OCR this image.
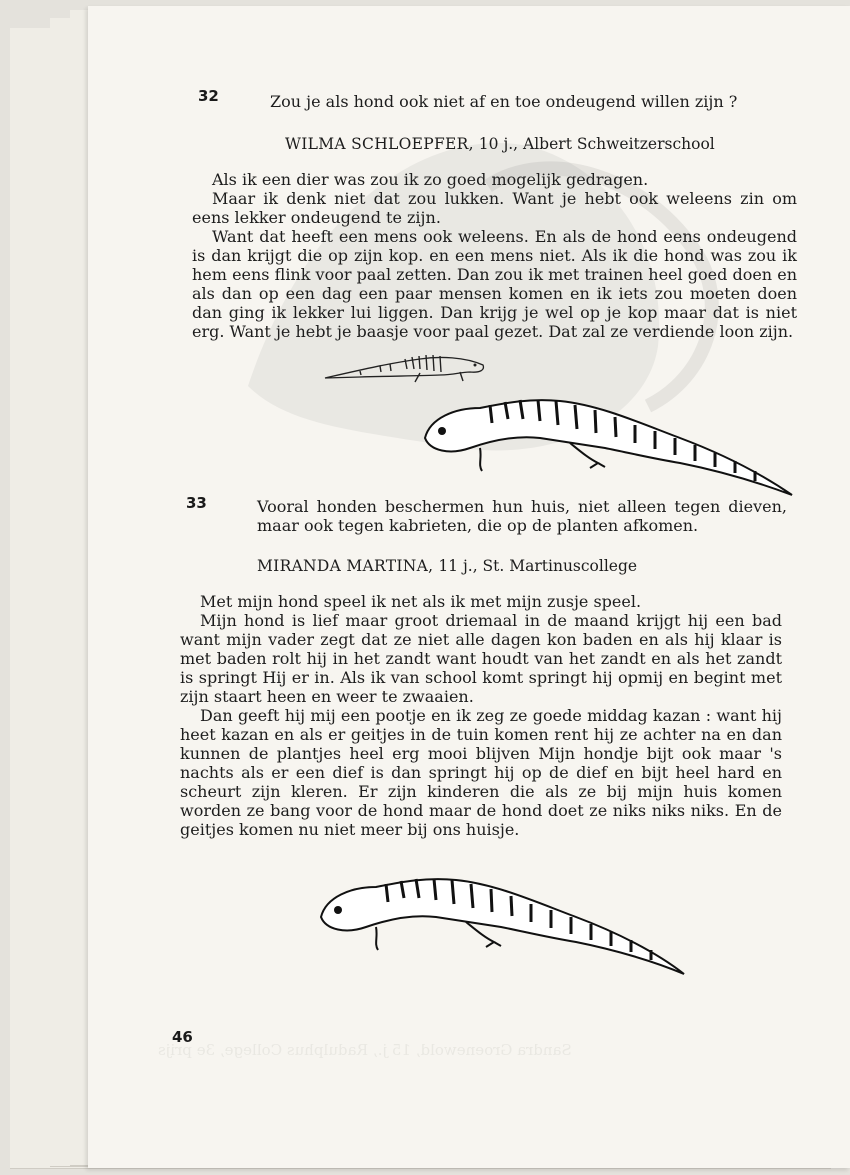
Sandra Groenewold, 15 j., Radulphus College, 3e prijs
32	Zou je als hond ook niet af en toe ondeugend willen zijn ?
WILMA SCHLOEPFER, 10 j., Albert Schweitzerschool

Als ik een dier was zou ik zo goed mogelijk gedragen.

Maar ik denk niet dat zou lukken. Want je hebt ook weleens zin om eens lekker ondeugend te zijn.

Want dat heeft een mens ook weleens. En als de hond eens ondeugend is dan krijgt die op zijn kop. en een mens niet. Als ik die hond was zou ik hem eens flink voor paal zetten. Dan zou ik met trainen heel goed doen en als dan op een dag een paar mensen komen en ik iets zou moeten doen dan ging ik lekker lui liggen. Dan krijg je wel op je kop maar dat is niet erg. Want je hebt je baasje voor paal gezet. Dat zal ze verdiende loon zijn.

33	Vooral honden beschermen hun huis, niet alleen tegen dieven, maar ook tegen kabrieten, die op de planten afkomen.
MIRANDA MARTINA, 11 j., St. Martinuscollege

Met mijn hond speel ik net als ik met mijn zusje speel.

Mijn hond is lief maar groot driemaal in de maand krijgt hij een bad want mijn vader zegt dat ze niet alle dagen kon baden en als hij klaar is met baden rolt hij in het zandt want houdt van het zandt en als het zandt is springt Hij er in. Als ik van school komt springt hij opmij en begint met zijn staart heen en weer te zwaaien.

Dan geeft hij mij een pootje en ik zeg ze goede middag kazan : want hij heet kazan en als er geitjes in de tuin komen rent hij ze achter na en dan kunnen de plantjes heel erg mooi blijven Mijn hondje bijt ook maar 's nachts als er een dief is dan springt hij op de dief en bijt heel hard en scheurt zijn kleren. Er zijn kinderen die als ze bij mijn huis komen worden ze bang voor de hond maar de hond doet ze niks niks niks. En de geitjes komen nu niet meer bij ons huisje.

46
